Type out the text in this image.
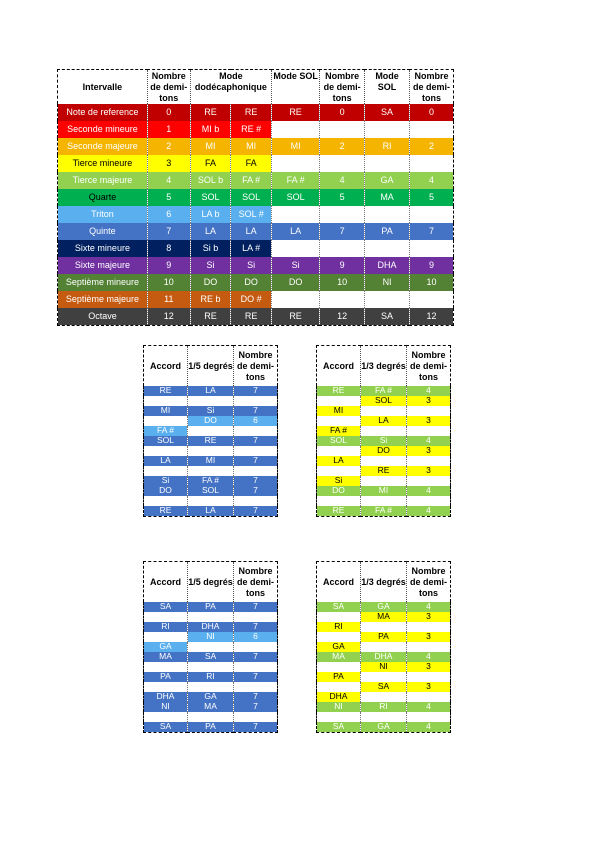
Intervalle	Nombre de demi-tons	Mode dodécaphonique		Mode SOL	Nombre de demi-tons	Mode SOL	Nombre de demi-tons
Note de reference	0	RE	RE	RE	0	SA	0
Seconde mineure	1	MI b	RE #				
Seconde majeure	2	MI	MI	MI	2	RI	2
Tierce mineure	3	FA	FA				
Tierce majeure	4	SOL b	FA #	FA #	4	GA	4
Quarte	5	SOL	SOL	SOL	5	MA	5
Triton	6	LA b	SOL #				
Quinte	7	LA	LA	LA	7	PA	7
Sixte mineure	8	Si b	LA #				
Sixte majeure	9	Si	Si	Si	9	DHA	9
Septième mineure	10	DO	DO	DO	10	NI	10
Septième majeure	11	RE b	DO #				
Octave	12	RE	RE	RE	12	SA	12
Accord	1/5 degrés	Nombre de demi-tons
RE	LA	7

MI	Si	7
	DO	6
FA #		
SOL	RE	7

LA	MI	7

Si	FA #	7
DO	SOL	7

RE	LA	7
Accord	1/3 degrés	Nombre de demi-tons
RE	FA #	4
	SOL	3
MI		
	LA	3
FA #		
SOL	Si	4
	DO	3
LA		
	RE	3
Si		
DO	MI	4

RE	FA #	4
Accord	1/5 degrés	Nombre de demi-tons
SA	PA	7

RI	DHA	7
	NI	6
GA		
MA	SA	7

PA	RI	7

DHA	GA	7
NI	MA	7

SA	PA	7
Accord	1/3 degrés	Nombre de demi-tons
SA	GA	4
	MA	3
RI		
	PA	3
GA		
MA	DHA	4
	NI	3
PA		
	SA	3
DHA		
NI	RI	4

SA	GA	4
